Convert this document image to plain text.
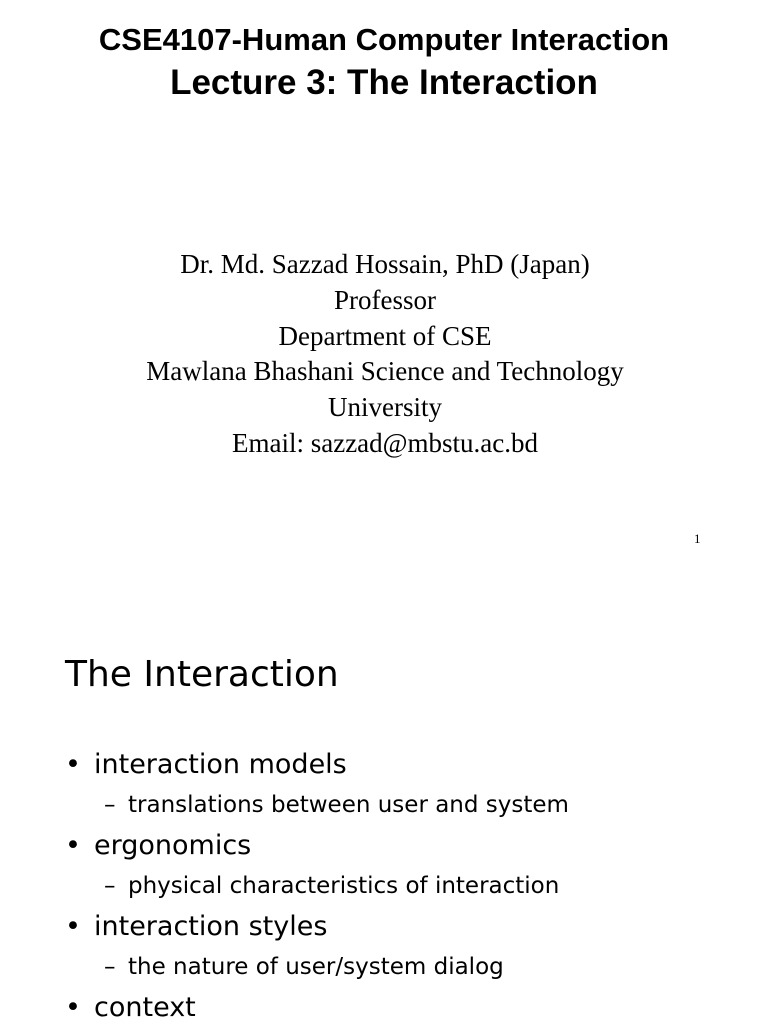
CSE4107-Human Computer Interaction
Lecture 3: The Interaction
Dr. Md. Sazzad Hossain, PhD (Japan)
Professor
Department of CSE
Mawlana Bhashani Science and Technology University
Email: sazzad@mbstu.ac.bd
1
The Interaction
• interaction models
– translations between user and system
• ergonomics
– physical characteristics of interaction
• interaction styles
– the nature of user/system dialog
• context
